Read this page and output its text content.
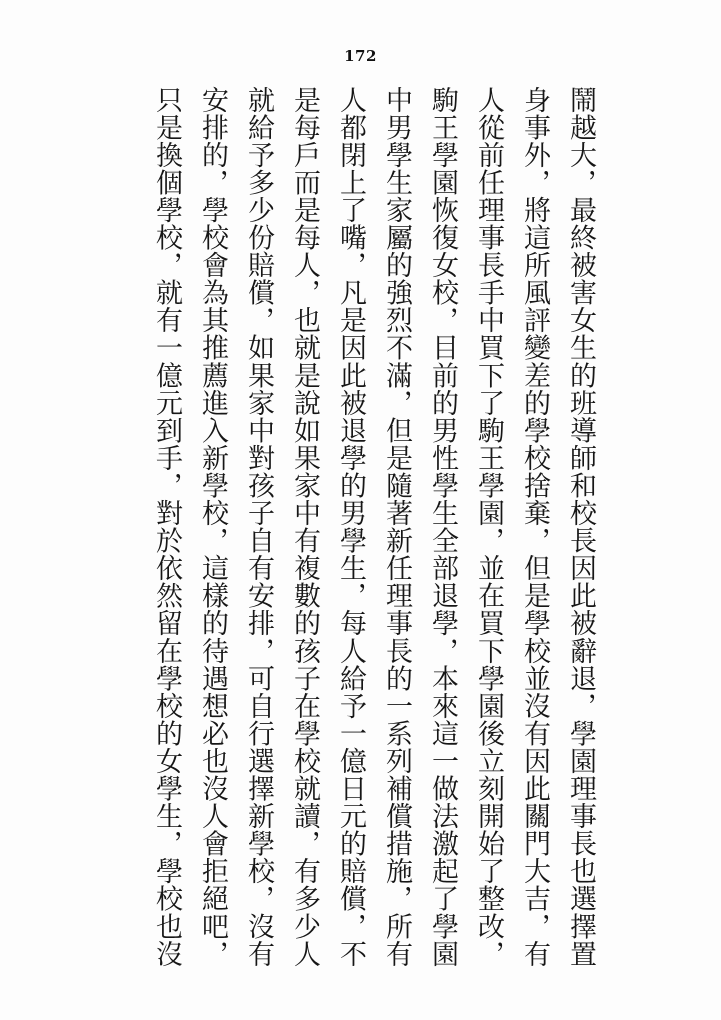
172

鬧越大，最終被害女生的班導師和校長因此被辭退，學園理事長也選擇置

身事外，將這所風評變差的學校捨棄，但是學校並沒有因此關門大吉，有

人從前任理事長手中買下了駒王學園，並在買下學園後立刻開始了整改，

駒王學園恢復女校，目前的男性學生全部退學，本來這一做法激起了學園

中男學生家屬的強烈不滿，但是隨著新任理事長的一系列補償措施，所有

人都閉上了嘴，凡是因此被退學的男學生，每人給予一億日元的賠償，不

是每戶而是每人，也就是說如果家中有複數的孩子在學校就讀，有多少人

就給予多少份賠償，如果家中對孩子自有安排，可自行選擇新學校，沒有

安排的，學校會為其推薦進入新學校，這樣的待遇想必也沒人會拒絕吧，

只是換個學校，就有一億元到手，對於依然留在學校的女學生，學校也沒
